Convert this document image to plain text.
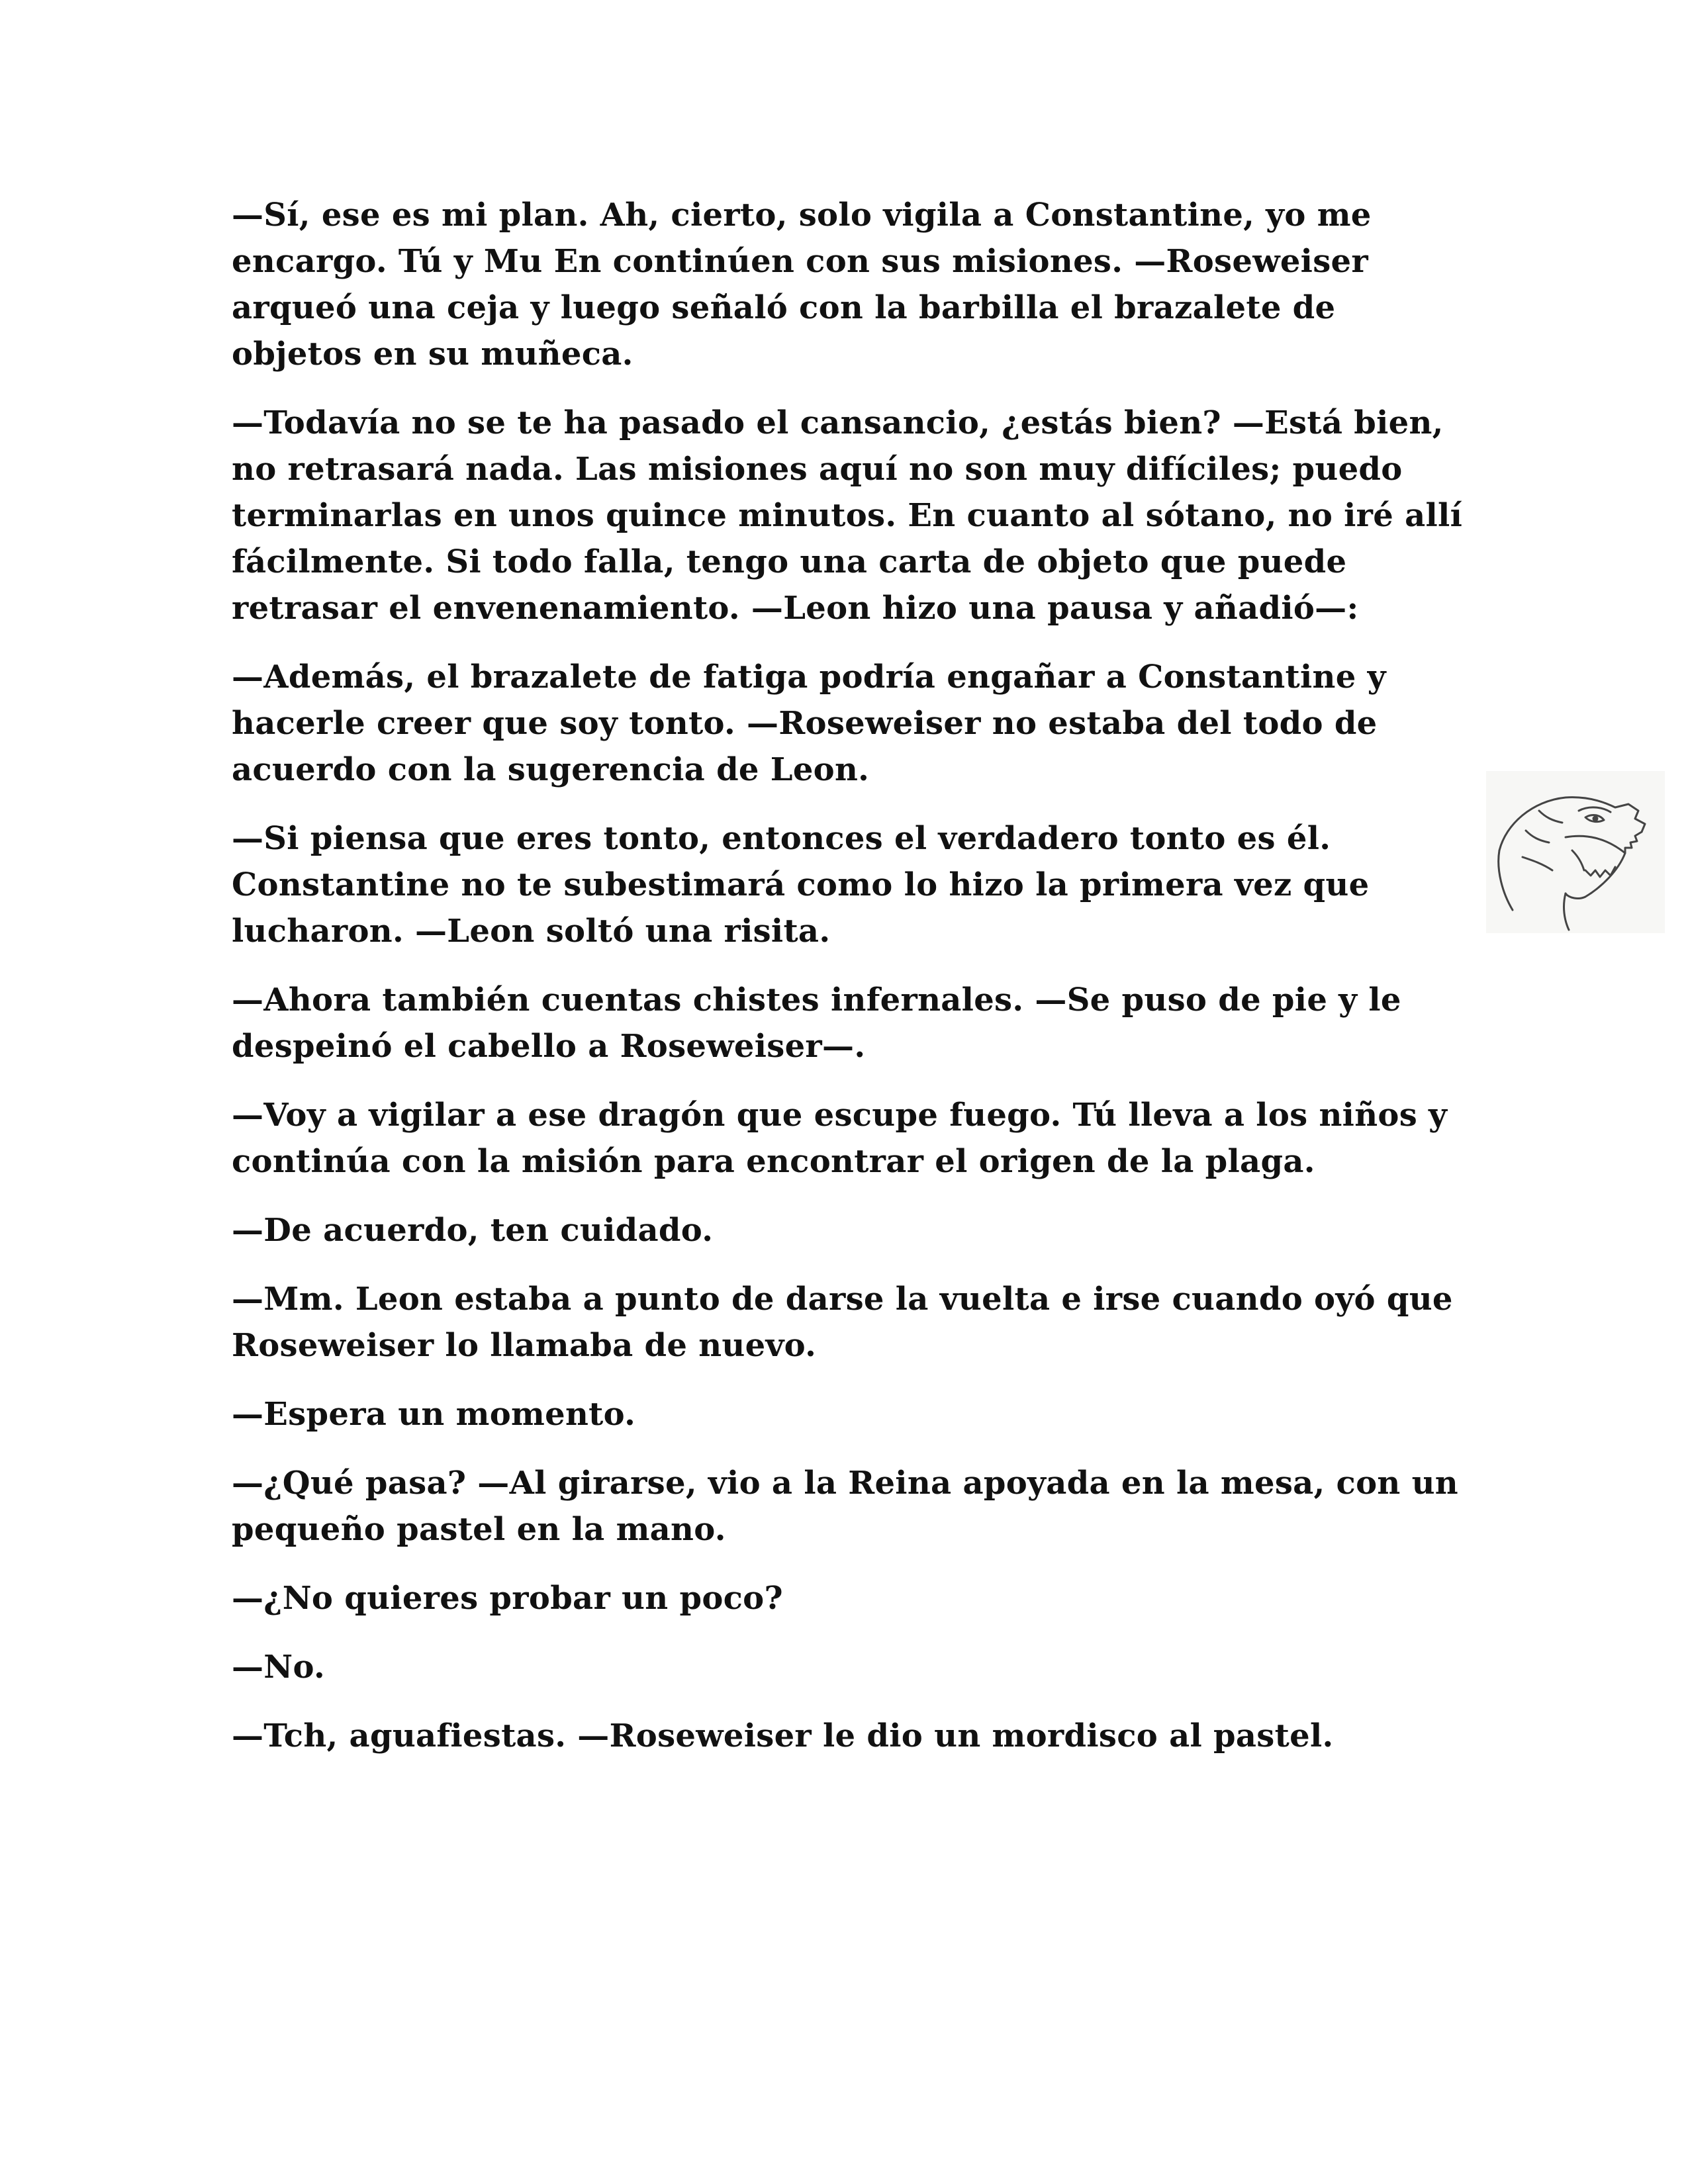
—Sí, ese es mi plan. Ah, cierto, solo vigila a Constantine, yo me encargo. Tú y Mu En continúen con sus misiones. —Roseweiser arqueó una ceja y luego señaló con la barbilla el brazalete de objetos en su muñeca.

—Todavía no se te ha pasado el cansancio, ¿estás bien? —Está bien, no retrasará nada. Las misiones aquí no son muy difíciles; puedo terminarlas en unos quince minutos. En cuanto al sótano, no iré allí fácilmente. Si todo falla, tengo una carta de objeto que puede retrasar el envenenamiento. —Leon hizo una pausa y añadió—:

—Además, el brazalete de fatiga podría engañar a Constantine y hacerle creer que soy tonto. —Roseweiser no estaba del todo de acuerdo con la sugerencia de Leon.

—Si piensa que eres tonto, entonces el verdadero tonto es él. Constantine no te subestimará como lo hizo la primera vez que lucharon. —Leon soltó una risita.

—Ahora también cuentas chistes infernales. —Se puso de pie y le despeinó el cabello a Roseweiser—.

—Voy a vigilar a ese dragón que escupe fuego. Tú lleva a los niños y continúa con la misión para encontrar el origen de la plaga.

—De acuerdo, ten cuidado.

—Mm. Leon estaba a punto de darse la vuelta e irse cuando oyó que Roseweiser lo llamaba de nuevo.

—Espera un momento.

—¿Qué pasa? —Al girarse, vio a la Reina apoyada en la mesa, con un pequeño pastel en la mano.

—¿No quieres probar un poco?

—No.

—Tch, aguafiestas. —Roseweiser le dio un mordisco al pastel.
